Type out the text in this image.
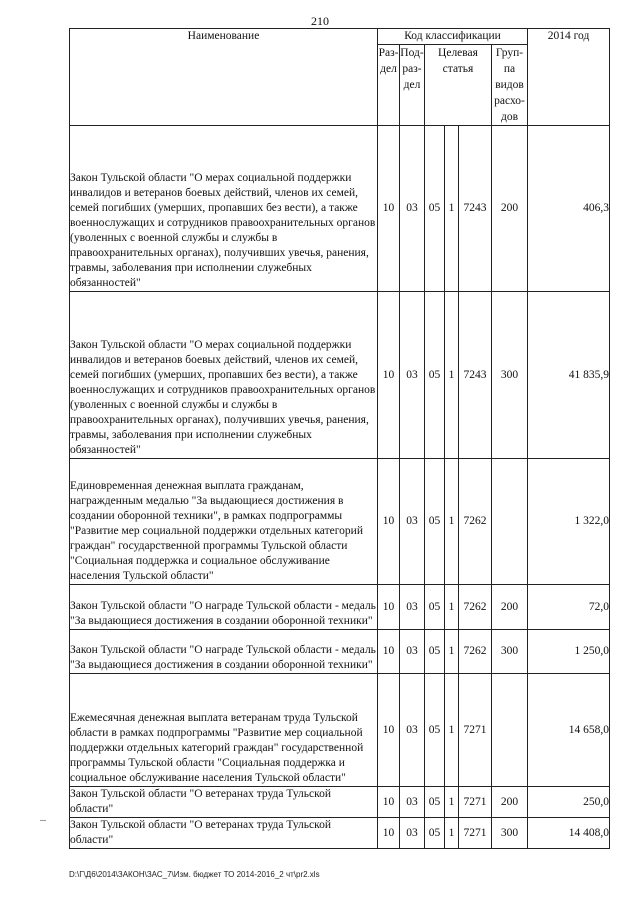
210
Наименование	Код классификации						2014 год
	Раз-дел	Под-раз-дел	Целевая статья			Груп-па видов расхо-дов	
Закон Тульской области "О мерах социальной поддержки инвалидов и ветеранов боевых действий, членов их семей, семей погибших (умерших, пропавших без вести), а также военнослужащих и сотрудников правоохранительных органов (уволенных с военной службы и службы в правоохранительных органах), получивших увечья, ранения, травмы, заболевания при исполнении служебных обязанностей"	10	03	05	1	7243	200	406,3
Закон Тульской области "О мерах социальной поддержки инвалидов и ветеранов боевых действий, членов их семей, семей погибших (умерших, пропавших без вести), а также военнослужащих и сотрудников правоохранительных органов (уволенных с военной службы и службы в правоохранительных органах), получивших увечья, ранения, травмы, заболевания при исполнении служебных обязанностей"	10	03	05	1	7243	300	41 835,9
Единовременная денежная выплата гражданам, награжденным медалью "За выдающиеся достижения в создании оборонной техники", в рамках подпрограммы "Развитие мер социальной поддержки отдельных категорий граждан" государственной программы Тульской области "Социальная поддержка и социальное обслуживание населения Тульской области"	10	03	05	1	7262		1 322,0
Закон Тульской области "О награде Тульской области - медаль "За выдающиеся достижения в создании оборонной техники"	10	03	05	1	7262	200	72,0
Закон Тульской области "О награде Тульской области - медаль "За выдающиеся достижения в создании оборонной техники"	10	03	05	1	7262	300	1 250,0
Ежемесячная денежная выплата ветеранам труда Тульской области в рамках подпрограммы "Развитие мер социальной поддержки отдельных категорий граждан" государственной программы Тульской области "Социальная поддержка и социальное обслуживание населения Тульской области"	10	03	05	1	7271		14 658,0
Закон Тульской области "О ветеранах труда Тульской области"	10	03	05	1	7271	200	250,0
Закон Тульской области "О ветеранах труда Тульской области"	10	03	05	1	7271	300	14 408,0
D:\Г\Д6\2014\ЗАКОН\ЗАС_7\Изм. бюджет ТО 2014-2016_2 чт\pr2.xls
